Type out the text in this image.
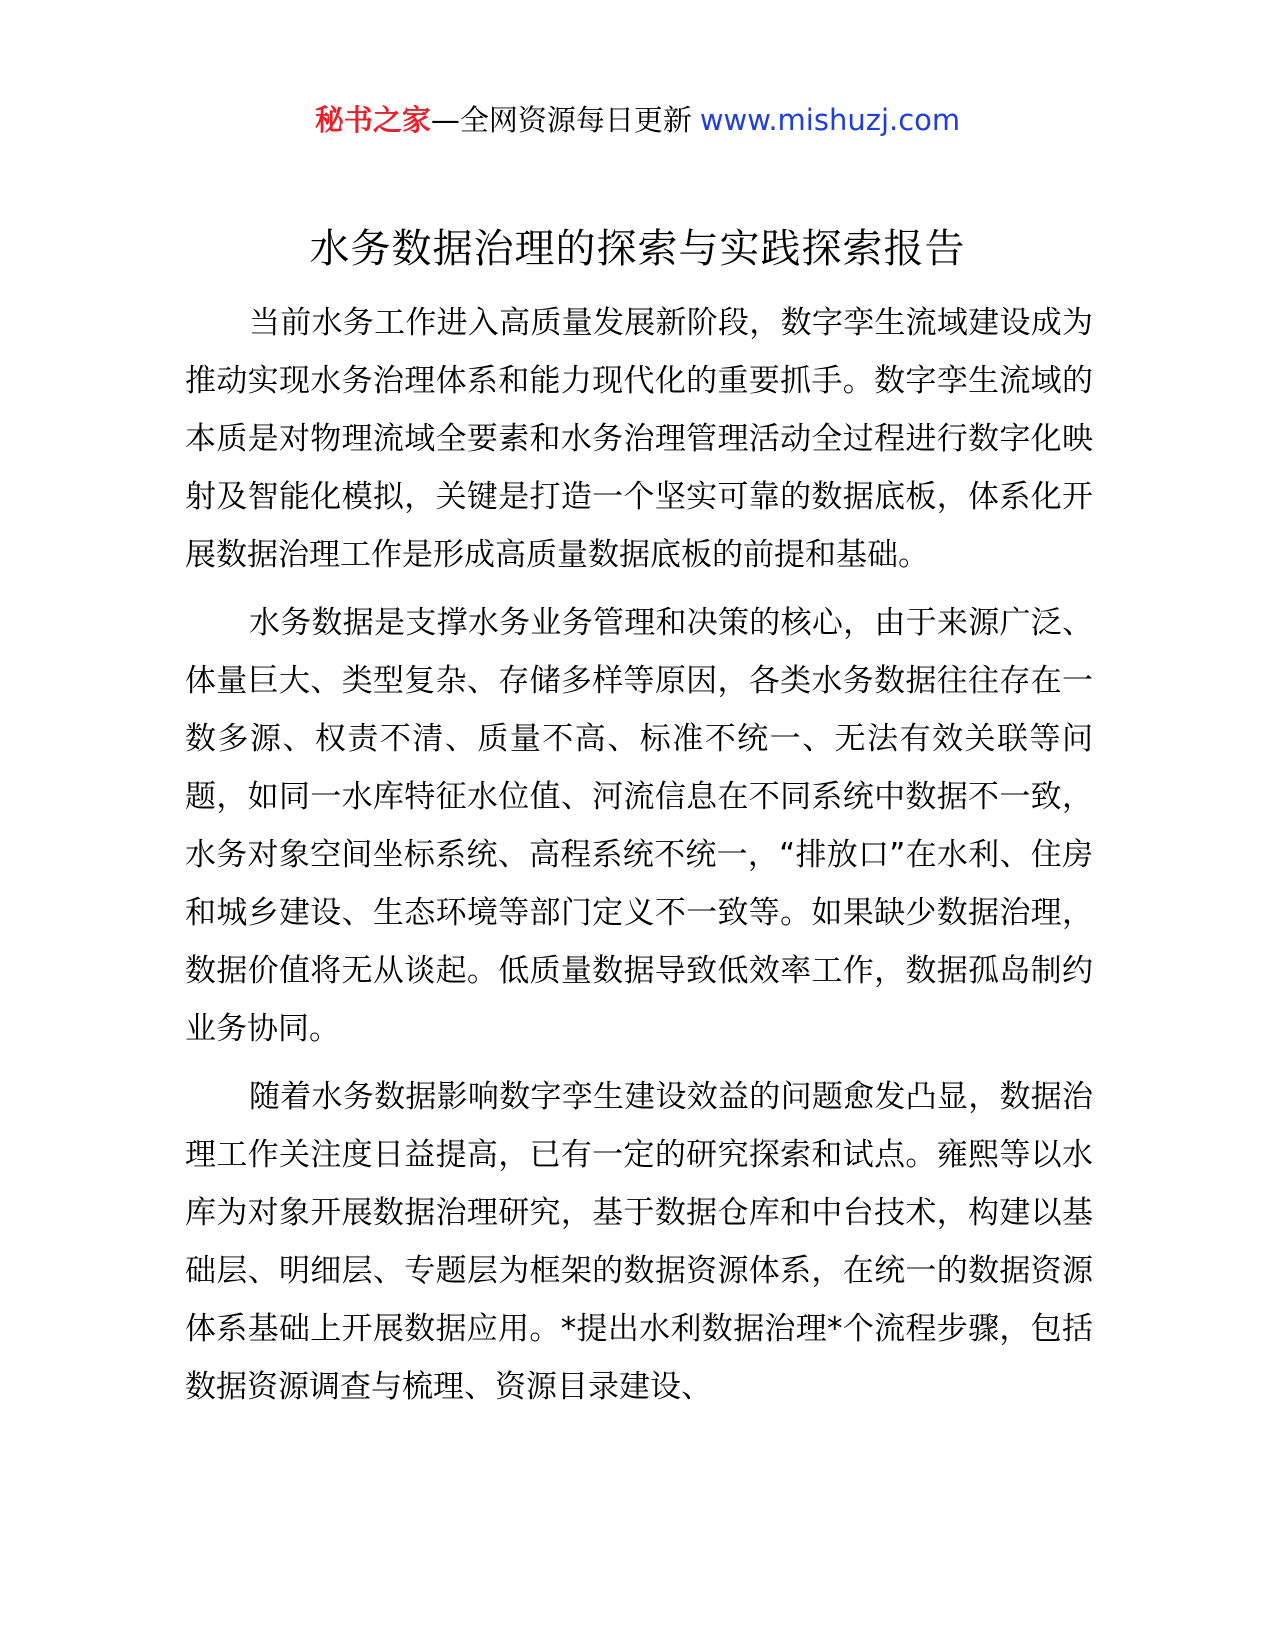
秘书之家—全网资源每日更新 www.mishuzj.com
水务数据治理的探索与实践探索报告

当前水务工作进入高质量发展新阶段，数字孪生流域建设成为推动实现水务治理体系和能力现代化的重要抓手。数字孪生流域的本质是对物理流域全要素和水务治理管理活动全过程进行数字化映射及智能化模拟，关键是打造一个坚实可靠的数据底板，体系化开展数据治理工作是形成高质量数据底板的前提和基础。

水务数据是支撑水务业务管理和决策的核心，由于来源广泛、体量巨大、类型复杂、存储多样等原因，各类水务数据往往存在一数多源、权责不清、质量不高、标准不统一、无法有效关联等问题，如同一水库特征水位值、河流信息在不同系统中数据不一致，水务对象空间坐标系统、高程系统不统一，“排放口”在水利、住房和城乡建设、生态环境等部门定义不一致等。如果缺少数据治理，数据价值将无从谈起。低质量数据导致低效率工作，数据孤岛制约业务协同。

随着水务数据影响数字孪生建设效益的问题愈发凸显，数据治理工作关注度日益提高，已有一定的研究探索和试点。雍熙等以水库为对象开展数据治理研究，基于数据仓库和中台技术，构建以基础层、明细层、专题层为框架的数据资源体系，在统一的数据资源体系基础上开展数据应用。*提出水利数据治理*个流程步骤，包括数据资源调查与梳理、资源目录建设、
